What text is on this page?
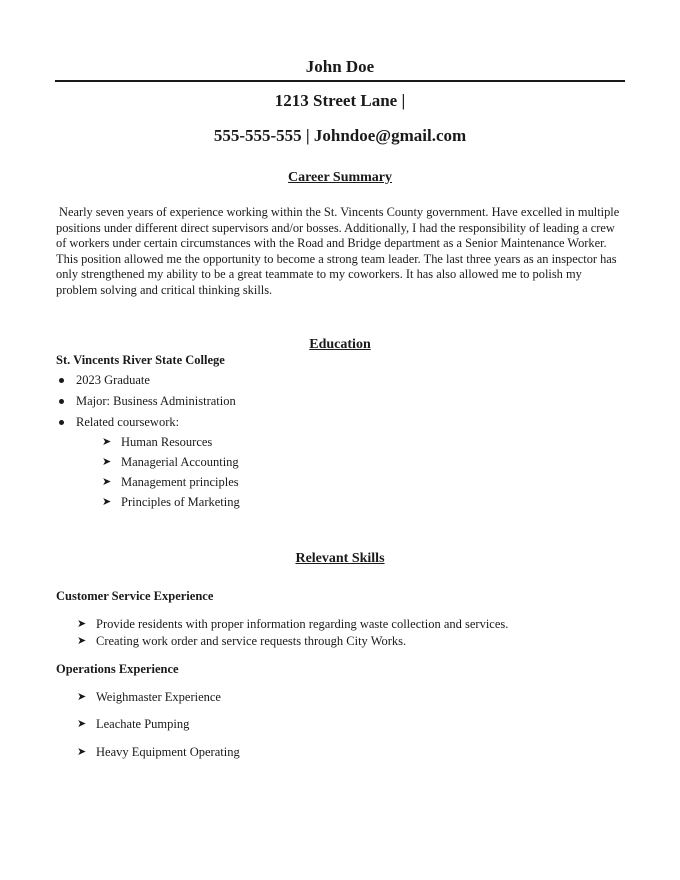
John Doe
1213 Street Lane |
555-555-555 | Johndoe@gmail.com
Career Summary
Nearly seven years of experience working within the St. Vincents County government. Have excelled in multiple positions under different direct supervisors and/or bosses. Additionally, I had the responsibility of leading a crew of workers under certain circumstances with the Road and Bridge department as a Senior Maintenance Worker. This position allowed me the opportunity to become a strong team leader. The last three years as an inspector has only strengthened my ability to be a great teammate to my coworkers. It has also allowed me to polish my problem solving and critical thinking skills.
Education
St. Vincents River State College
2023 Graduate
Major: Business Administration
Related coursework:
➤ Human Resources
➤ Managerial Accounting
➤ Management principles
➤ Principles of Marketing
Relevant Skills
Customer Service Experience
➤ Provide residents with proper information regarding waste collection and services.
➤ Creating work order and service requests through City Works.
Operations Experience
➤ Weighmaster Experience
➤ Leachate Pumping
➤ Heavy Equipment Operating
